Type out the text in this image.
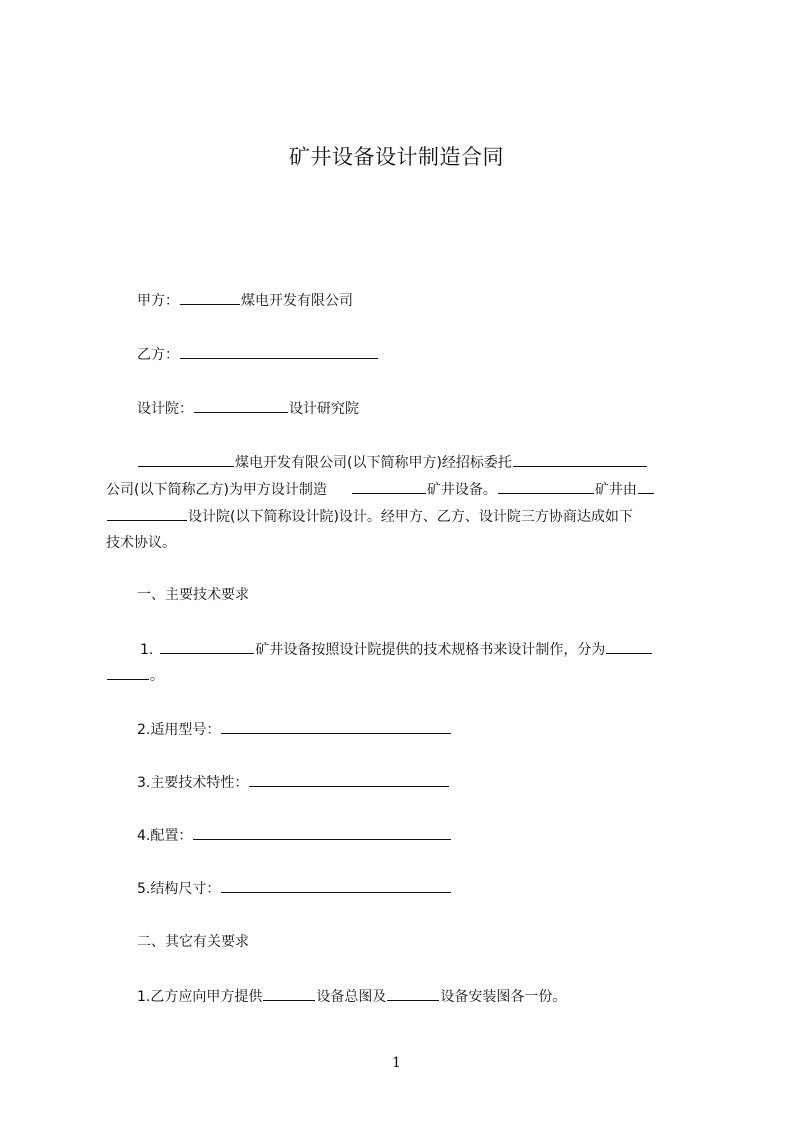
矿井设备设计制造合同
甲方：	煤电开发有限公司
乙方：
设计院：	设计研究院
煤电开发有限公司(以下简称甲方)经招标委托
公司(以下简称乙方)为甲方设计制造	矿井设备。	矿井由
设计院(以下简称设计院)设计。经甲方、乙方、设计院三方协商达成如下
技术协议。
一、主要技术要求
1.	矿井设备按照设计院提供的技术规格书来设计制作，分为
。
2.适用型号：
3.主要技术特性：
4.配置：
5.结构尺寸：
二、其它有关要求
1.乙方应向甲方提供	设备总图及	设备安装图各一份。
1
